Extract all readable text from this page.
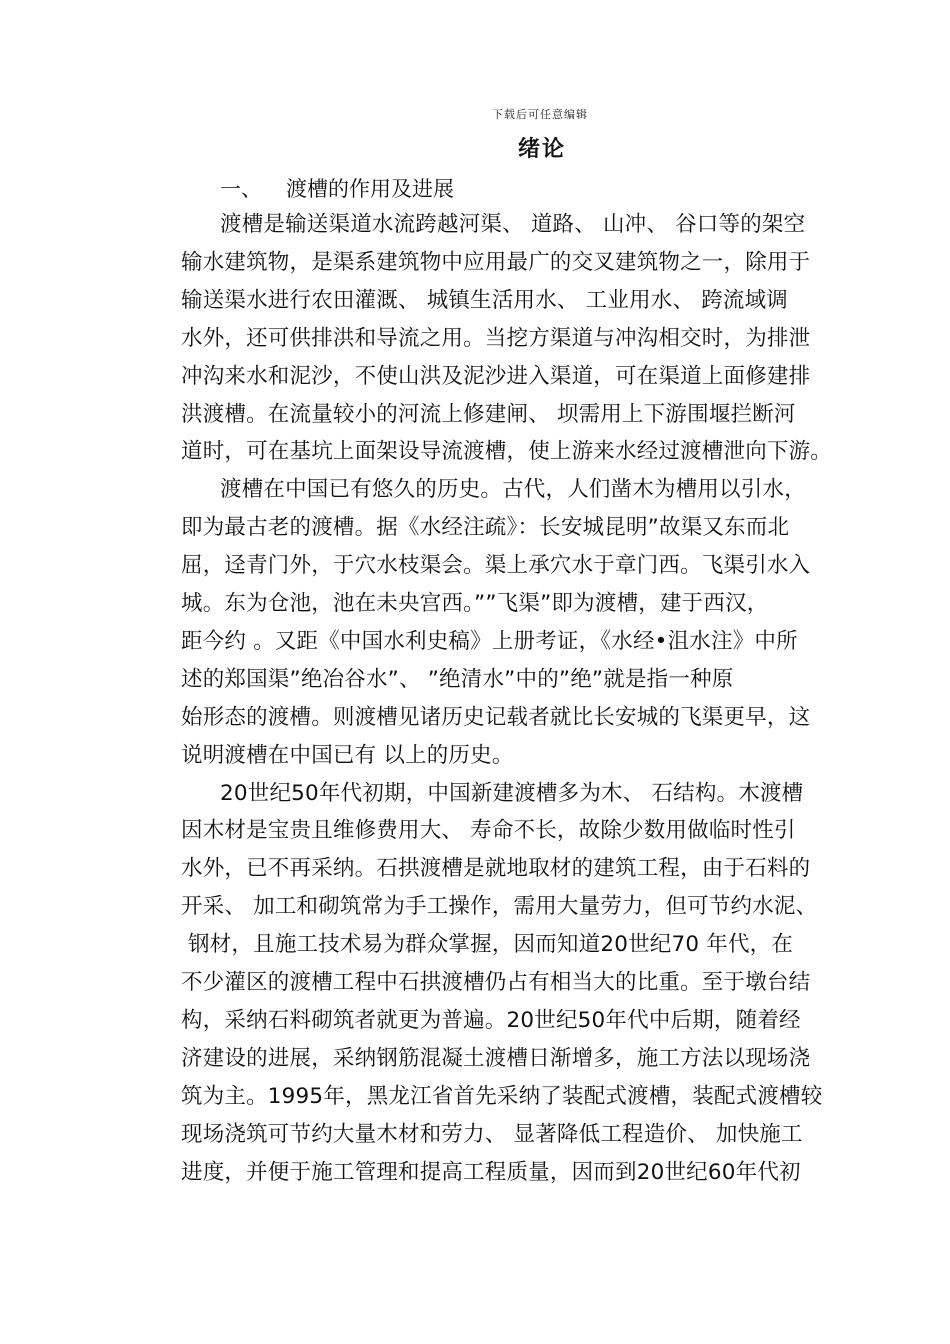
下载后可任意编辑
绪论
一、 渡槽的作用及进展
渡槽是输送渠道水流跨越河渠、 道路、 山冲、 谷口等的架空
输水建筑物，是渠系建筑物中应用最广的交叉建筑物之一，除用于
输送渠水进行农田灌溉、 城镇生活用水、 工业用水、 跨流域调
水外，还可供排洪和导流之用。当挖方渠道与冲沟相交时，为排泄
冲沟来水和泥沙，不使山洪及泥沙进入渠道，可在渠道上面修建排
洪渡槽。在流量较小的河流上修建闸、 坝需用上下游围堰拦断河
道时，可在基坑上面架设导流渡槽，使上游来水经过渡槽泄向下游。
渡槽在中国已有悠久的历史。古代，人们凿木为槽用以引水，
即为最古老的渡槽。据《水经注疏》：长安城昆明”故渠又东而北
屈，迳青门外，于穴水枝渠会。渠上承穴水于章门西。飞渠引水入
城。东为仓池，池在未央宫西。””飞渠”即为渡槽，建于西汉，
距今约 。又距《中国水利史稿》上册考证，《水经•沮水注》中所
述的郑国渠”绝冶谷水”、 ”绝清水”中的”绝”就是指一种原
始形态的渡槽。则渡槽见诸历史记载者就比长安城的飞渠更早，这
说明渡槽在中国已有 以上的历史。
20世纪50年代初期，中国新建渡槽多为木、 石结构。木渡槽
因木材是宝贵且维修费用大、 寿命不长，故除少数用做临时性引
水外，已不再采纳。石拱渡槽是就地取材的建筑工程，由于石料的
开采、 加工和砌筑常为手工操作，需用大量劳力，但可节约水泥、
钢材，且施工技术易为群众掌握，因而知道20世纪70 年代，在
不少灌区的渡槽工程中石拱渡槽仍占有相当大的比重。至于墩台结
构，采纳石料砌筑者就更为普遍。20世纪50年代中后期，随着经
济建设的进展，采纳钢筋混凝土渡槽日渐增多，施工方法以现场浇
筑为主。1995年，黑龙江省首先采纳了装配式渡槽，装配式渡槽较
现场浇筑可节约大量木材和劳力、 显著降低工程造价、 加快施工
进度，并便于施工管理和提高工程质量，因而到20世纪60年代初
